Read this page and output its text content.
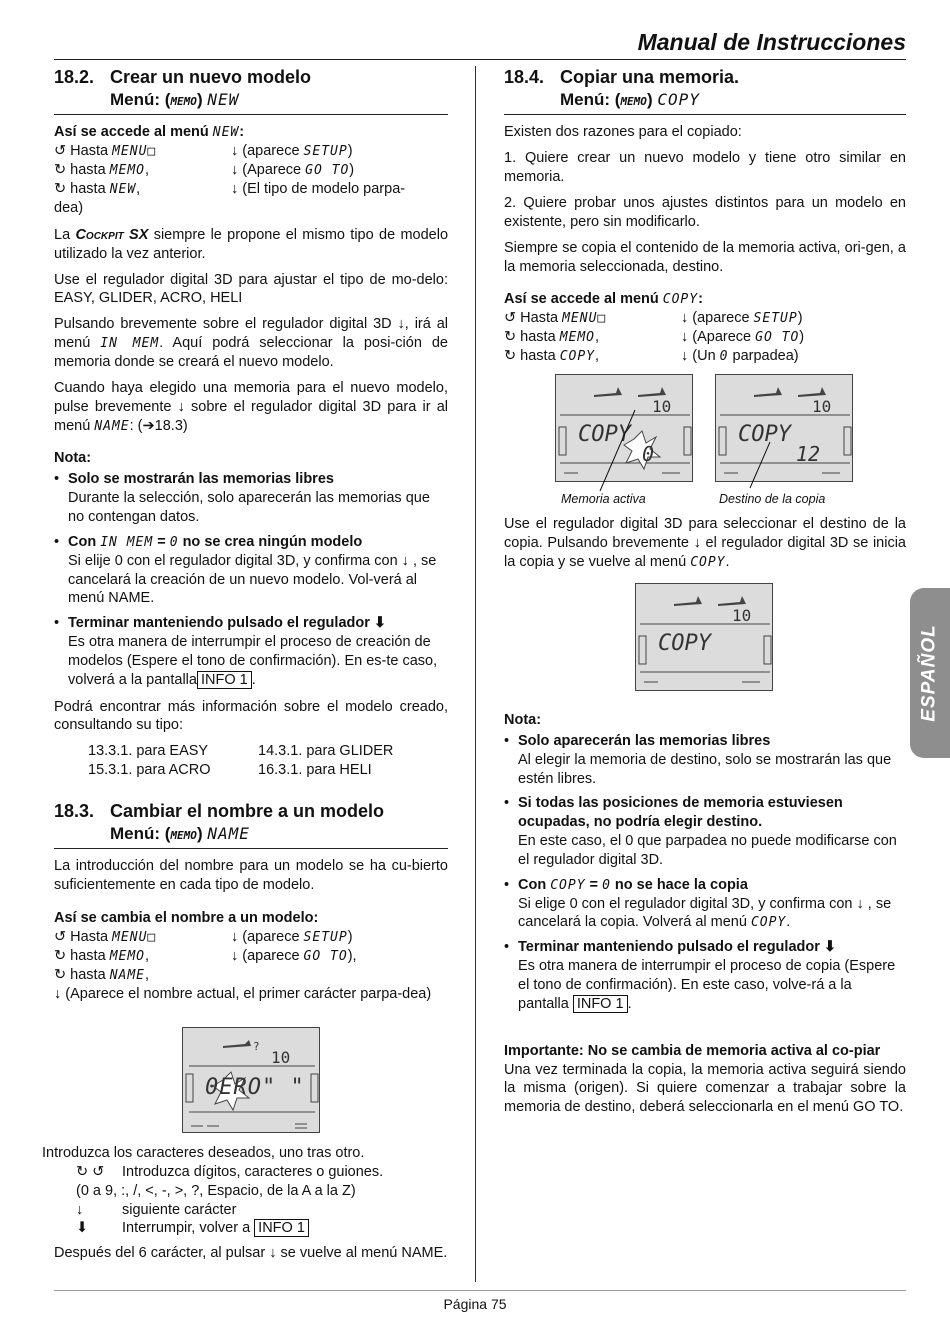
Manual de Instrucciones
ESPAÑOL
18.2. Crear un nuevo modelo
Menú: (MEMO) NEW
Así se accede al menú NEW:
↺ Hasta MENU□	↓ (aparece SETUP)
↻ hasta MEMO,	↓ (Aparece GO TO)
↻ hasta NEW,	↓ (El tipo de modelo parpa-

dea)

La Cockpit SX siempre le propone el mismo tipo de modelo utilizado la vez anterior.

Use el regulador digital 3D para ajustar el tipo de mo-delo: EASY, GLIDER, ACRO, HELI

Pulsando brevemente sobre el regulador digital 3D ↓, irá al menú IN MEM. Aquí podrá seleccionar la posi-ción de memoria donde se creará el nuevo modelo.

Cuando haya elegido una memoria para el nuevo modelo, pulse brevemente ↓ sobre el regulador digital 3D para ir al menú NAME: (➔18.3)

Nota:
• Solo se mostrarán las memorias libres
Durante la selección, solo aparecerán las memorias que no contengan datos.
• Con IN MEM = 0 no se crea ningún modelo
Si elije 0 con el regulador digital 3D, y confirma con ↓ , se cancelará la creación de un nuevo modelo. Vol-verá al menú NAME.
• Terminar manteniendo pulsado el regulador ⬇
Es otra manera de interrumpir el proceso de creación de modelos (Espere el tono de confirmación). En es-te caso, volverá a la pantalla INFO 1 .

Podrá encontrar más información sobre el modelo creado, consultando su tipo:

13.3.1. para EASY	14.3.1. para GLIDER
15.3.1. para ACRO	16.3.1. para HELI
18.3. Cambiar el nombre a un modelo
Menú: (MEMO) NAME

La introducción del nombre para un modelo se ha cu-bierto suficientemente en cada tipo de modelo.

Así se cambia el nombre a un modelo:
↺ Hasta MENU□	↓ (aparece SETUP)
↻ hasta MEMO,	↓ (aparece GO TO),
↻ hasta NAME,

↓ (Aparece el nombre actual, el primer carácter parpa-dea)

?
10
0ERO" "
Introduzca los caracteres deseados, uno tras otro.
↻ ↺	Introduzca dígitos, caracteres o guiones.
(0 a 9, :, /, <, -, >, ?, Espacio, de la A a la Z)
↓	siguiente carácter
⬇	Interrumpir, volver a INFO 1

Después del 6 carácter, al pulsar ↓ se vuelve al menú NAME.

18.4. Copiar una memoria.
Menú: (MEMO) COPY

Existen dos razones para el copiado:

1. Quiere crear un nuevo modelo y tiene otro similar en memoria.

2. Quiere probar unos ajustes distintos para un modelo en existente, pero sin modificarlo.

Siempre se copia el contenido de la memoria activa, ori-gen, a la memoria seleccionada, destino.

Así se accede al menú COPY:
↺ Hasta MENU□	↓ (aparece SETUP)
↻ hasta MEMO,	↓ (Aparece GO TO)
↻ hasta COPY,	↓ (Un 0 parpadea)
10
COPY
0
10
COPY
12
Memoria activa	Destino de la copia

Use el regulador digital 3D para seleccionar el destino de la copia. Pulsando brevemente ↓ el regulador digital 3D se inicia la copia y se vuelve al menú COPY.

10
COPY
Nota:
• Solo aparecerán las memorias libres
Al elegir la memoria de destino, solo se mostrarán las que estén libres.
• Si todas las posiciones de memoria estuviesen ocupadas, no podría elegir destino.
En este caso, el 0 que parpadea no puede modificarse con el regulador digital 3D.
• Con COPY = 0 no se hace la copia
Si elige 0 con el regulador digital 3D, y confirma con ↓ , se cancelará la copia. Volverá al menú COPY.
• Terminar manteniendo pulsado el regulador ⬇
Es otra manera de interrumpir el proceso de copia (Espere el tono de confirmación). En este caso, volve-rá a la pantalla INFO 1 .

Importante: No se cambia de memoria activa al co-piar

Una vez terminada la copia, la memoria activa seguirá siendo la misma (origen). Si quiere comenzar a trabajar sobre la memoria de destino, deberá seleccionarla en el menú GO TO.

Página 75
